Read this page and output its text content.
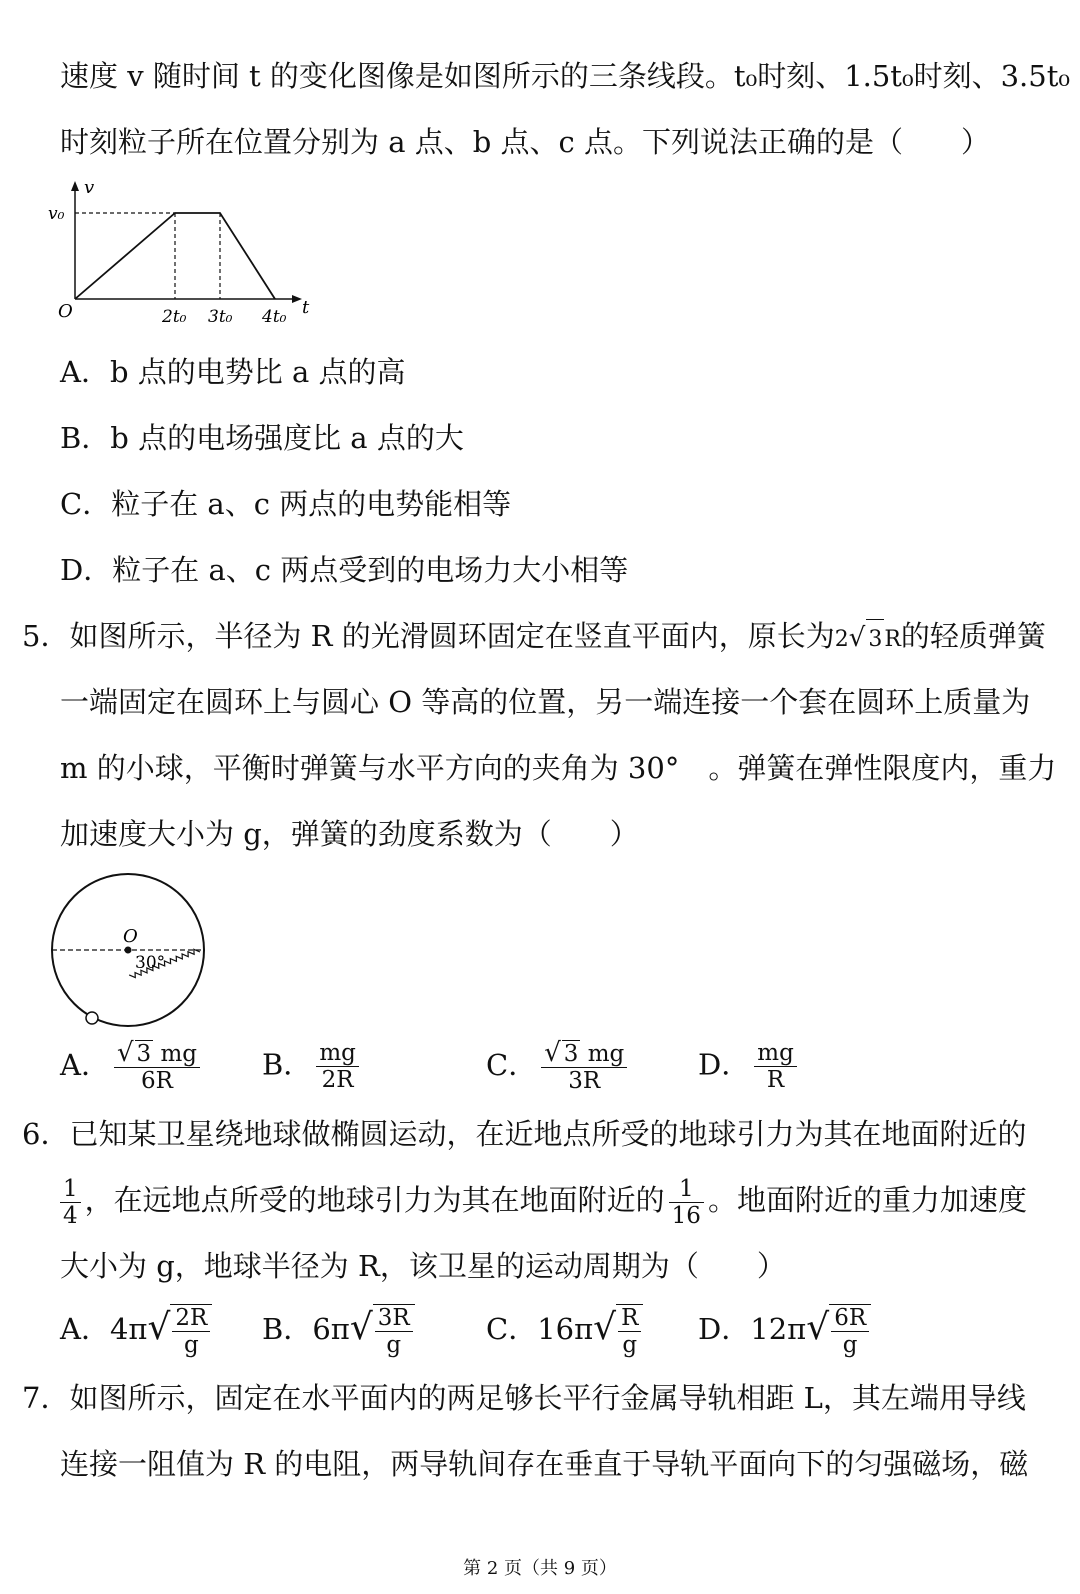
速度 v 随时间 t 的变化图像是如图所示的三条线段。t₀时刻、1.5t₀时刻、3.5t₀
时刻粒子所在位置分别为 a 点、b 点、c 点。下列说法正确的是（　　）
v
t
v₀
O	2t₀ 3t₀ 4t₀
A．b 点的电势比 a 点的高
B．b 点的电场强度比 a 点的大
C．粒子在 a、c 两点的电势能相等
D．粒子在 a、c 两点受到的电场力大小相等
5．如图所示，半径为 R 的光滑圆环固定在竖直平面内，原长为2√ 3R的轻质弹簧
一端固定在圆环上与圆心 O 等高的位置，另一端连接一个套在圆环上质量为
m 的小球，平衡时弹簧与水平方向的夹角为 30°　。弹簧在弹性限度内，重力
加速度大小为 g，弹簧的劲度系数为（　　）
O
30°
A． $\frac{√ 3 mg}{6R}$ B． $\frac{mg}{2R}$	C． $\frac{√ 3 mg}{3R}$ D． $\frac{mg}{R}$
6．已知某卫星绕地球做椭圆运动，在近地点所受的地球引力为其在地面附近的
$\frac{1}{4}$ ，在远地点所受的地球引力为其在地面附近的 $\frac{1}{16}$ 。地面附近的重力加速度
大小为 g，地球半径为 R，该卫星的运动周期为（　　）
A．$4\pi√ \frac{2R}{g}$ B．$6\pi√ \frac{3R}{g}$ C．$16\pi√ \frac{R}{g}$ D．$12\pi√ \frac{6R}{g}$
7．如图所示，固定在水平面内的两足够长平行金属导轨相距 L，其左端用导线
连接一阻值为 R 的电阻，两导轨间存在垂直于导轨平面向下的匀强磁场，磁
第 2 页（共 9 页）
